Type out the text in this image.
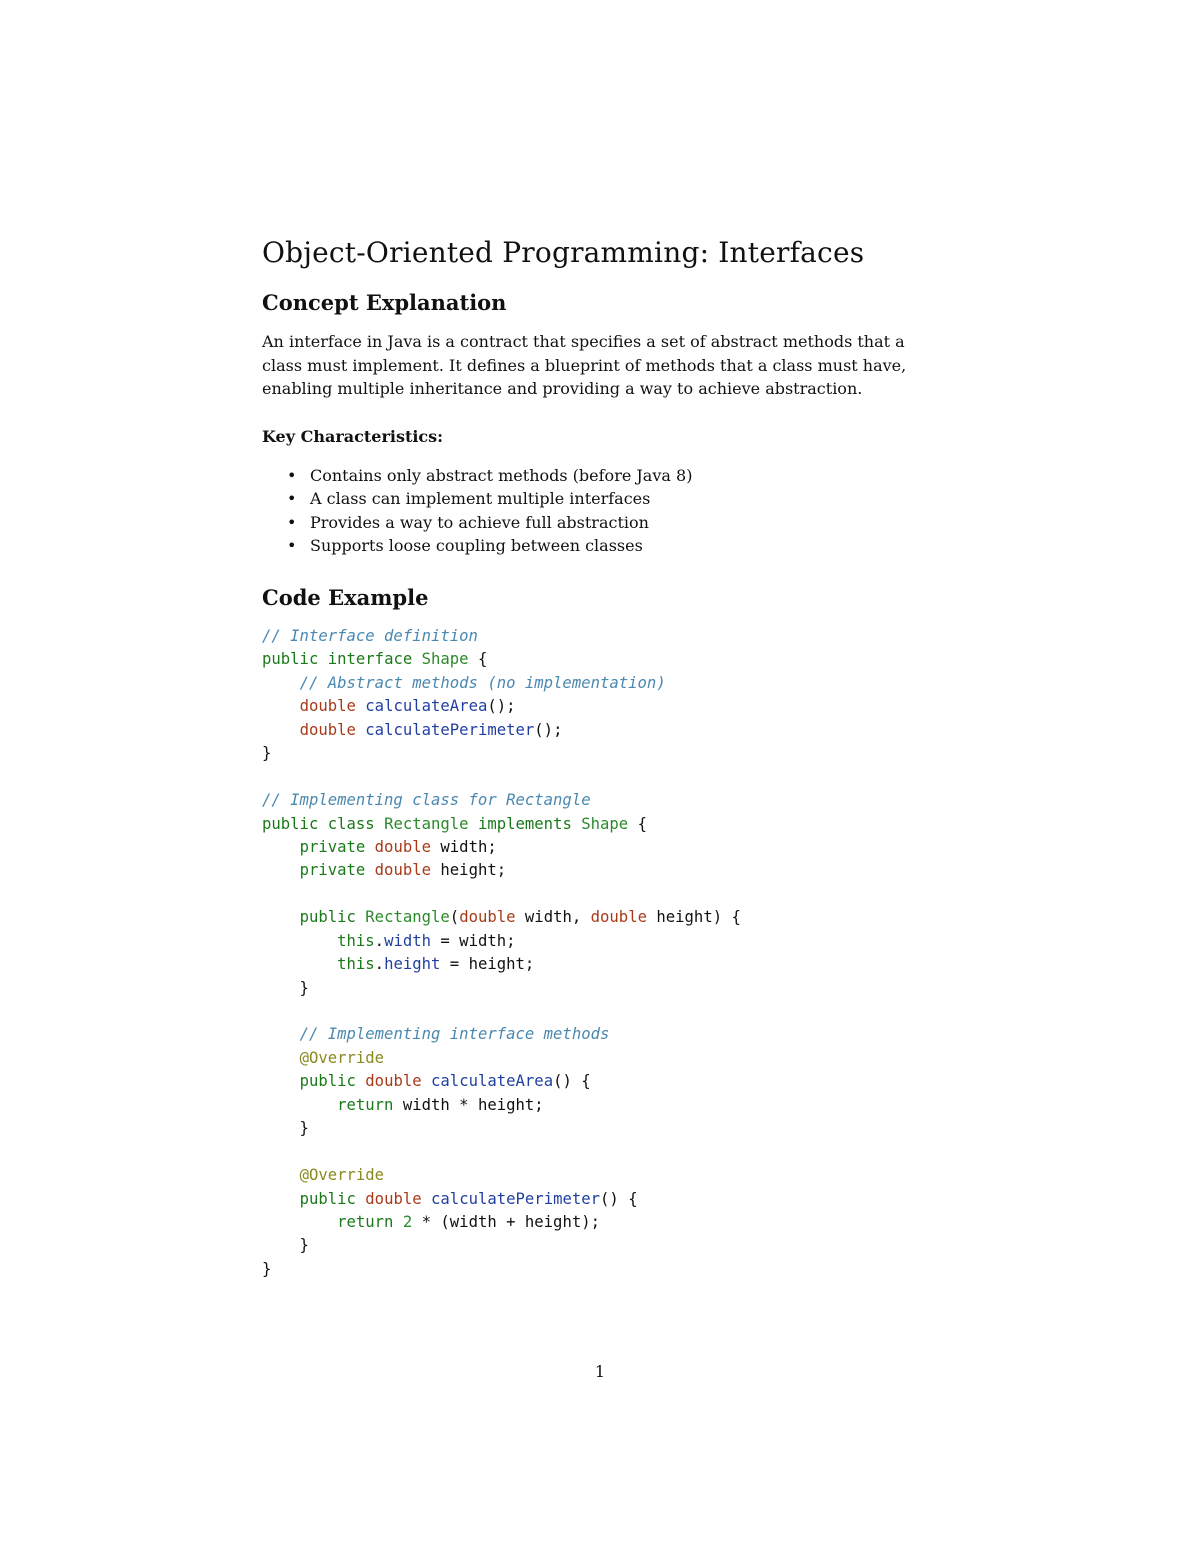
Object-Oriented Programming: Interfaces
Concept Explanation

An interface in Java is a contract that specifies a set of abstract methods that a
class must implement. It defines a blueprint of methods that a class must have,
enabling multiple inheritance and providing a way to achieve abstraction.

Key Characteristics:
• Contains only abstract methods (before Java 8)
• A class can implement multiple interfaces
• Provides a way to achieve full abstraction
• Supports loose coupling between classes
Code Example
// Interface definition
public interface Shape {
// Abstract methods (no implementation)
double calculateArea();
double calculatePerimeter();
}

// Implementing class for Rectangle
public class Rectangle implements Shape {
private double width;
private double height;

public Rectangle(double width, double height) {
this.width = width;
this.height = height;
}

// Implementing interface methods
@Override
public double calculateArea() {
return width * height;
}

@Override
public double calculatePerimeter() {
return 2 * (width + height);
}
}
1
